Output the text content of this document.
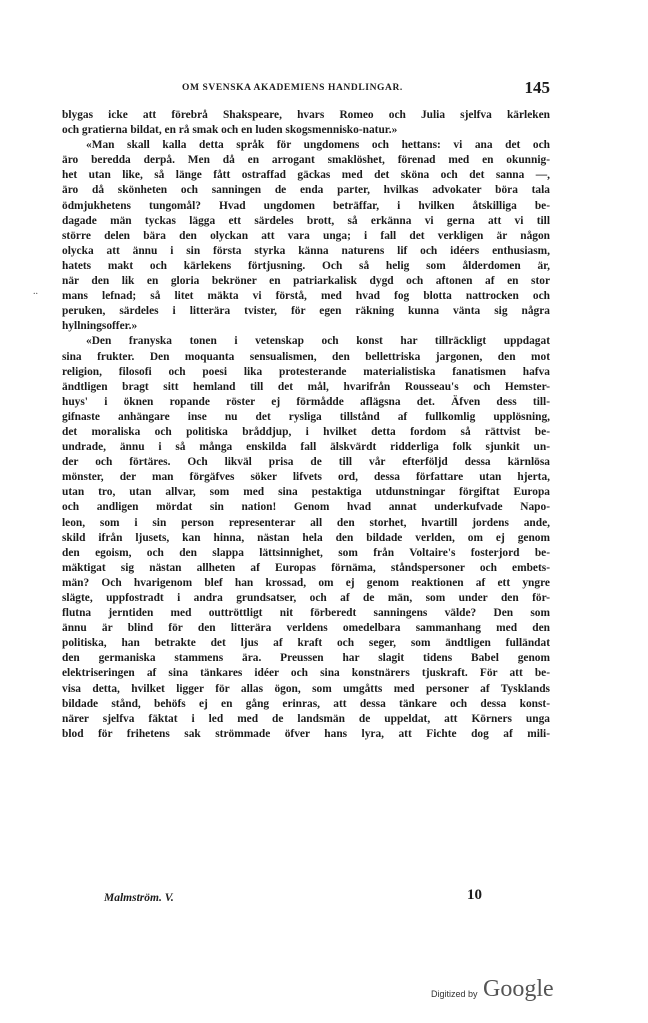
OM SVENSKA AKADEMIENS HANDLINGAR.	145
..
blygas icke att förebrå Shakspeare, hvars Romeo och Julia sjelfva kärleken
och gratierna bildat, en rå smak och en luden skogsmennisko-natur.»
«Man skall kalla detta språk för ungdomens och hettans: vi ana det och
äro beredda derpå. Men då en arrogant smaklöshet, förenad med en okunnig-
het utan like, så länge fått ostraffad gäckas med det sköna och det sanna —,
äro då skönheten och sanningen de enda parter, hvilkas advokater böra tala
ödmjukhetens tungomål? Hvad ungdomen beträffar, i hvilken åtskilliga be-
dagade män tyckas lägga ett särdeles brott, så erkänna vi gerna att vi till
större delen bära den olyckan att vara unga; i fall det verkligen är någon
olycka att ännu i sin första styrka känna naturens lif och idéers enthusiasm,
hatets makt och kärlekens förtjusning. Och så helig som ålderdomen är,
när den lik en gloria bekröner en patriarkalisk dygd och aftonen af en stor
mans lefnad; så litet mäkta vi förstå, med hvad fog blotta nattrocken och
peruken, särdeles i litterära tvister, för egen räkning kunna vänta sig några
hyllningsoffer.»
«Den franyska tonen i vetenskap och konst har tillräckligt uppdagat
sina frukter. Den moquanta sensualismen, den bellettriska jargonen, den mot
religion, filosofi och poesi lika protesterande materialistiska fanatismen hafva
ändtligen bragt sitt hemland till det mål, hvarifrån Rousseau's och Hemster-
huys' i öknen ropande röster ej förmådde aflägsna det. Äfven dess till-
gifnaste anhängare inse nu det rysliga tillstånd af fullkomlig upplösning,
det moraliska och politiska bråddjup, i hvilket detta fordom så rättvist be-
undrade, ännu i så många enskilda fall älskvärdt ridderliga folk sjunkit un-
der och förtäres. Och likväl prisa de till vår efterföljd dessa kärnlösa
mönster, der man förgäfves söker lifvets ord, dessa författare utan hjerta,
utan tro, utan allvar, som med sina pestaktiga utdunstningar förgiftat Europa
och andligen mördat sin nation! Genom hvad annat underkufvade Napo-
leon, som i sin person representerar all den storhet, hvartill jordens ande,
skild ifrån ljusets, kan hinna, nästan hela den bildade verlden, om ej genom
den egoism, och den slappa lättsinnighet, som från Voltaire's fosterjord be-
mäktigat sig nästan allheten af Europas förnäma, ståndspersoner och embets-
män? Och hvarigenom blef han krossad, om ej genom reaktionen af ett yngre
slägte, uppfostradt i andra grundsatser, och af de män, som under den för-
flutna jerntiden med outtröttligt nit förberedt sanningens välde? Den som
ännu är blind för den litterära verldens omedelbara sammanhang med den
politiska, han betrakte det ljus af kraft och seger, som ändtligen fulländat
den germaniska stammens ära. Preussen har slagit tidens Babel genom
elektriseringen af sina tänkares idéer och sina konstnärers tjuskraft. För att be-
visa detta, hvilket ligger för allas ögon, som umgåtts med personer af Tysklands
bildade stånd, behöfs ej en gång erinras, att dessa tänkare och dessa konst-
närer sjelfva fäktat i led med de landsmän de uppeldat, att Körners unga
blod för frihetens sak strömmade öfver hans lyra, att Fichte dog af mili-
Malmström. V.	10
Digitized by Google
